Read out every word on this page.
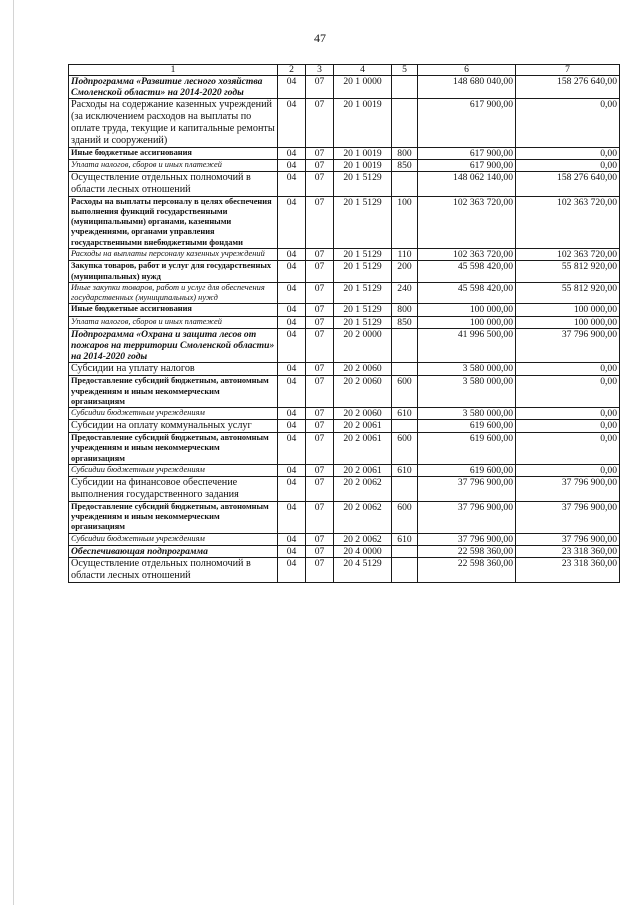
47
1	2	3	4	5	6	7
Подпрограмма «Развитие лесного хозяйства Смоленской области» на 2014-2020 годы	04	07	20 1 0000		148 680 040,00	158 276 640,00
Расходы на содержание казенных учреждений (за исключением расходов на выплаты по оплате труда, текущие и капитальные ремонты зданий и сооружений)	04	07	20 1 0019		617 900,00	0,00
Иные бюджетные ассигнования	04	07	20 1 0019	800	617 900,00	0,00
Уплата налогов, сборов и иных платежей	04	07	20 1 0019	850	617 900,00	0,00
Осуществление отдельных полномочий в области лесных отношений	04	07	20 1 5129		148 062 140,00	158 276 640,00
Расходы на выплаты персоналу в целях обеспечения выполнения функций государственными (муниципальными) органами, казенными учреждениями, органами управления государственными внебюджетными фондами	04	07	20 1 5129	100	102 363 720,00	102 363 720,00
Расходы на выплаты персоналу казенных учреждений	04	07	20 1 5129	110	102 363 720,00	102 363 720,00
Закупка товаров, работ и услуг для государственных (муниципальных) нужд	04	07	20 1 5129	200	45 598 420,00	55 812 920,00
Иные закупки товаров, работ и услуг для обеспечения государственных (муниципальных) нужд	04	07	20 1 5129	240	45 598 420,00	55 812 920,00
Иные бюджетные ассигнования	04	07	20 1 5129	800	100 000,00	100 000,00
Уплата налогов, сборов и иных платежей	04	07	20 1 5129	850	100 000,00	100 000,00
Подпрограмма «Охрана и защита лесов от пожаров на территории Смоленской области» на 2014-2020 годы	04	07	20 2 0000		41 996 500,00	37 796 900,00
Субсидии на уплату налогов	04	07	20 2 0060		3 580 000,00	0,00
Предоставление субсидий бюджетным, автономным учреждениям и иным некоммерческим организациям	04	07	20 2 0060	600	3 580 000,00	0,00
Субсидии бюджетным учреждениям	04	07	20 2 0060	610	3 580 000,00	0,00
Субсидии на оплату коммунальных услуг	04	07	20 2 0061		619 600,00	0,00
Предоставление субсидий бюджетным, автономным учреждениям и иным некоммерческим организациям	04	07	20 2 0061	600	619 600,00	0,00
Субсидии бюджетным учреждениям	04	07	20 2 0061	610	619 600,00	0,00
Субсидии на финансовое обеспечение выполнения государственного задания	04	07	20 2 0062		37 796 900,00	37 796 900,00
Предоставление субсидий бюджетным, автономным учреждениям и иным некоммерческим организациям	04	07	20 2 0062	600	37 796 900,00	37 796 900,00
Субсидии бюджетным учреждениям	04	07	20 2 0062	610	37 796 900,00	37 796 900,00
Обеспечивающая подпрограмма	04	07	20 4 0000		22 598 360,00	23 318 360,00
Осуществление отдельных полномочий в области лесных отношений	04	07	20 4 5129		22 598 360,00	23 318 360,00
